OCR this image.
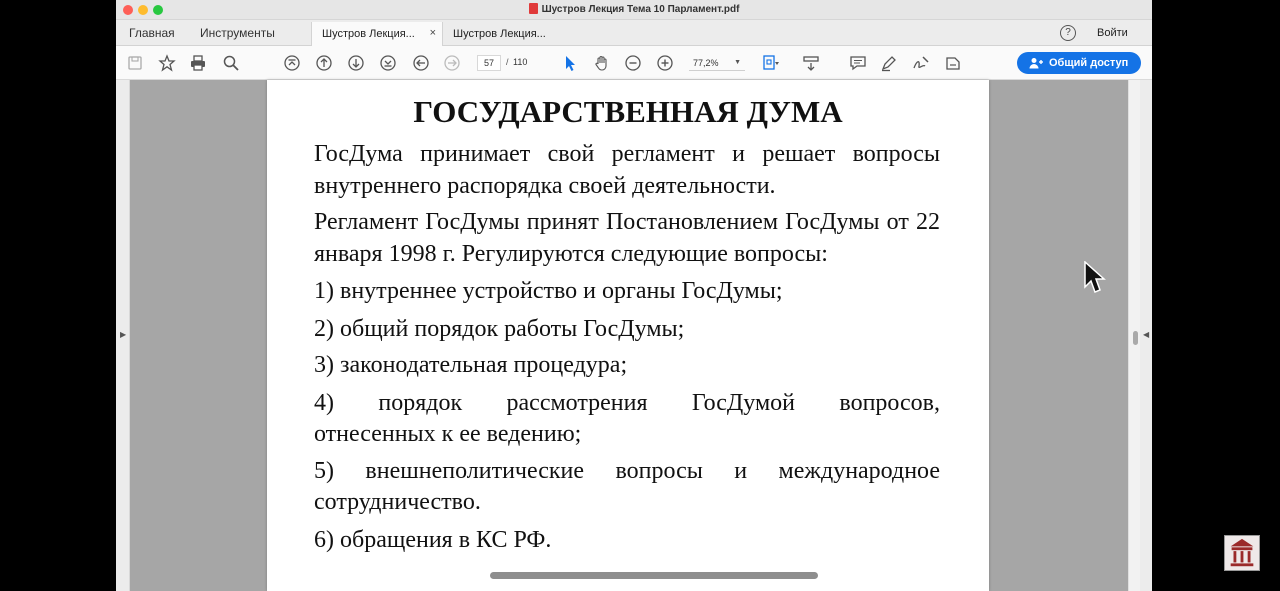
Шустров Лекция Тема 10 Парламент.pdf
Главная Инструменты	Шустров Лекция... ×	Шустров Лекция...	?	Войти
57	/ 110	77,2% ▼	Общий доступ
▶
ГОСУДАРСТВЕННАЯ ДУМА
ГосДума принимает свой регламент и решает вопросы внутреннего распорядка своей деятельности.
Регламент ГосДумы принят Постановлением ГосДумы от 22 января 1998 г. Регулируются следующие вопросы:
1) внутреннее устройство и органы ГосДумы;
2) общий порядок работы ГосДумы;
3) законодательная процедура;
4) порядок рассмотрения ГосДумой вопросов,
отнесенных к ее ведению;
5) внешнеполитические вопросы и международное
сотрудничество.
6) обращения в КС РФ.
◀
